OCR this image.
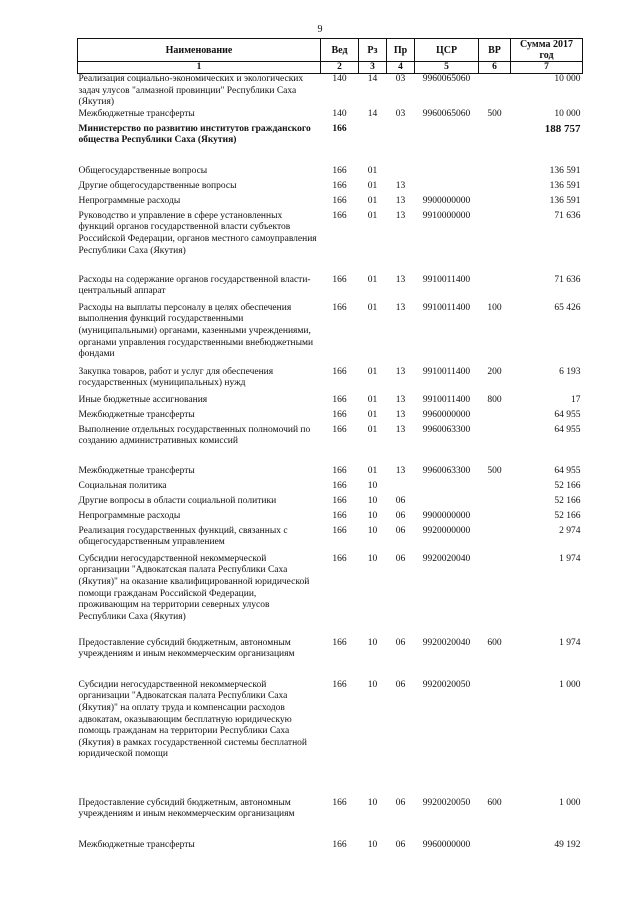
9
Наименование	Вед	Рз	Пр	ЦСР	ВР	Сумма 2017 год
1	2	3	4	5	6	7
Реализация социально-экономических и экологических задач улусов "алмазной провинции" Республики Саха (Якутия)	140	14	03	9960065060		10 000
Межбюджетные трансферты	140	14	03	9960065060	500	10 000
Министерство по развитию институтов гражданского общества Республики Саха (Якутия)	166					188 757
Общегосударственные вопросы	166	01				136 591
Другие общегосударственные вопросы	166	01	13			136 591
Непрограммные расходы	166	01	13	9900000000		136 591
Руководство и управление в сфере установленных функций органов государственной власти субъектов Российской Федерации, органов местного самоуправления Республики Саха (Якутия)	166	01	13	9910000000		71 636
Расходы на содержание органов государственной власти- центральный аппарат	166	01	13	9910011400		71 636
Расходы на выплаты персоналу в целях обеспечения выполнения функций государственными (муниципальными) органами, казенными учреждениями, органами управления государственными внебюджетными фондами	166	01	13	9910011400	100	65 426
Закупка товаров, работ и услуг для обеспечения государственных (муниципальных) нужд	166	01	13	9910011400	200	6 193
Иные бюджетные ассигнования	166	01	13	9910011400	800	17
Межбюджетные трансферты	166	01	13	9960000000		64 955
Выполнение отдельных государственных полномочий по созданию административных комиссий	166	01	13	9960063300		64 955
Межбюджетные трансферты	166	01	13	9960063300	500	64 955
Социальная политика	166	10				52 166
Другие вопросы в области социальной политики	166	10	06			52 166
Непрограммные расходы	166	10	06	9900000000		52 166
Реализация государственных функций, связанных с общегосударственным управлением	166	10	06	9920000000		2 974
Субсидии негосударственной некоммерческой организации "Адвокатская палата Республики Саха (Якутия)" на оказание квалифицированной юридической помощи гражданам Российской Федерации, проживающим на территории северных улусов Республики Саха (Якутия)	166	10	06	9920020040		1 974
Предоставление субсидий бюджетным, автономным учреждениям и иным некоммерческим организациям	166	10	06	9920020040	600	1 974
Субсидии негосударственной некоммерческой организации "Адвокатская палата Республики Саха (Якутия)" на оплату труда и компенсации расходов адвокатам, оказывающим бесплатную юридическую помощь гражданам на территории Республики Саха (Якутия) в рамках государственной системы бесплатной юридической помощи	166	10	06	9920020050		1 000
Предоставление субсидий бюджетным, автономным учреждениям и иным некоммерческим организациям	166	10	06	9920020050	600	1 000
Межбюджетные трансферты	166	10	06	9960000000		49 192
